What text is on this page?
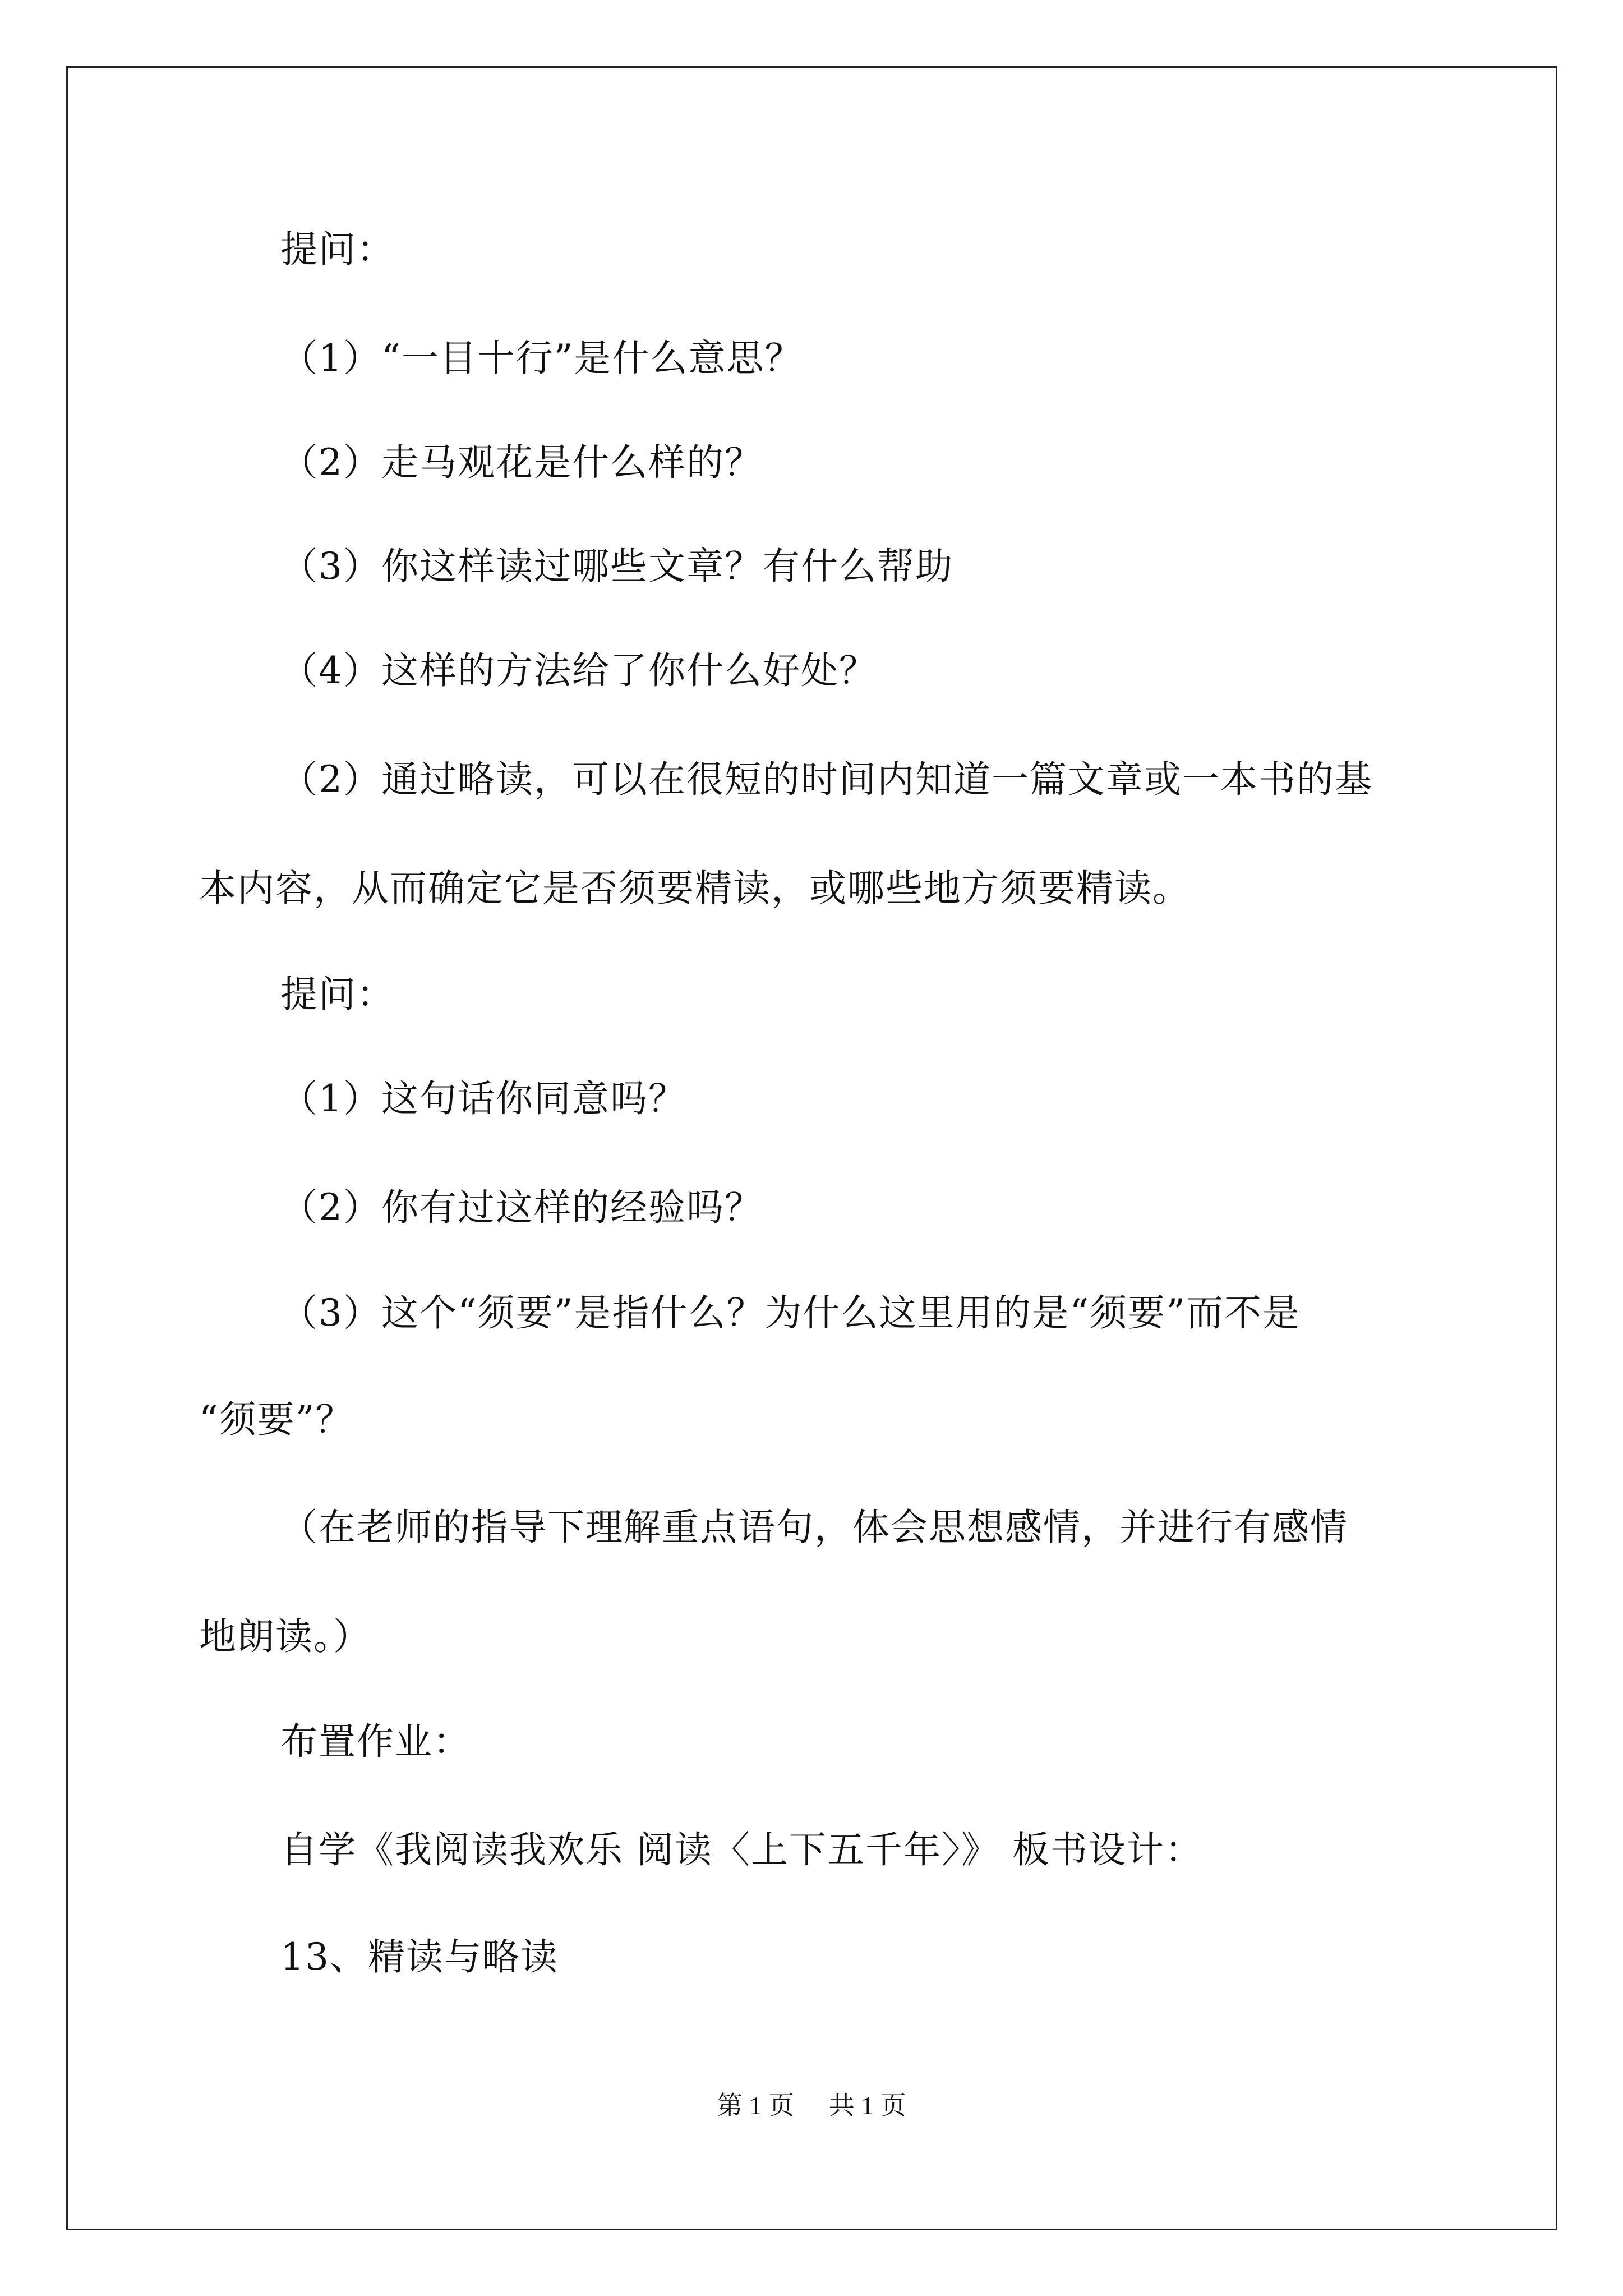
提问：
（1）“一目十行”是什么意思？
（2）走马观花是什么样的？
（3）你这样读过哪些文章？有什么帮助
（4）这样的方法给了你什么好处？
（2）通过略读，可以在很短的时间内知道一篇文章或一本书的基
本内容，从而确定它是否须要精读，或哪些地方须要精读。
提问：
（1）这句话你同意吗？
（2）你有过这样的经验吗？
（3）这个“须要”是指什么？为什么这里用的是“须要”而不是
“须要”？
（在老师的指导下理解重点语句，体会思想感情，并进行有感情
地朗读。）
布置作业：
自学《我阅读我欢乐 阅读〈上下五千年〉》 板书设计：
13、精读与略读
第 1 页 共 1 页
